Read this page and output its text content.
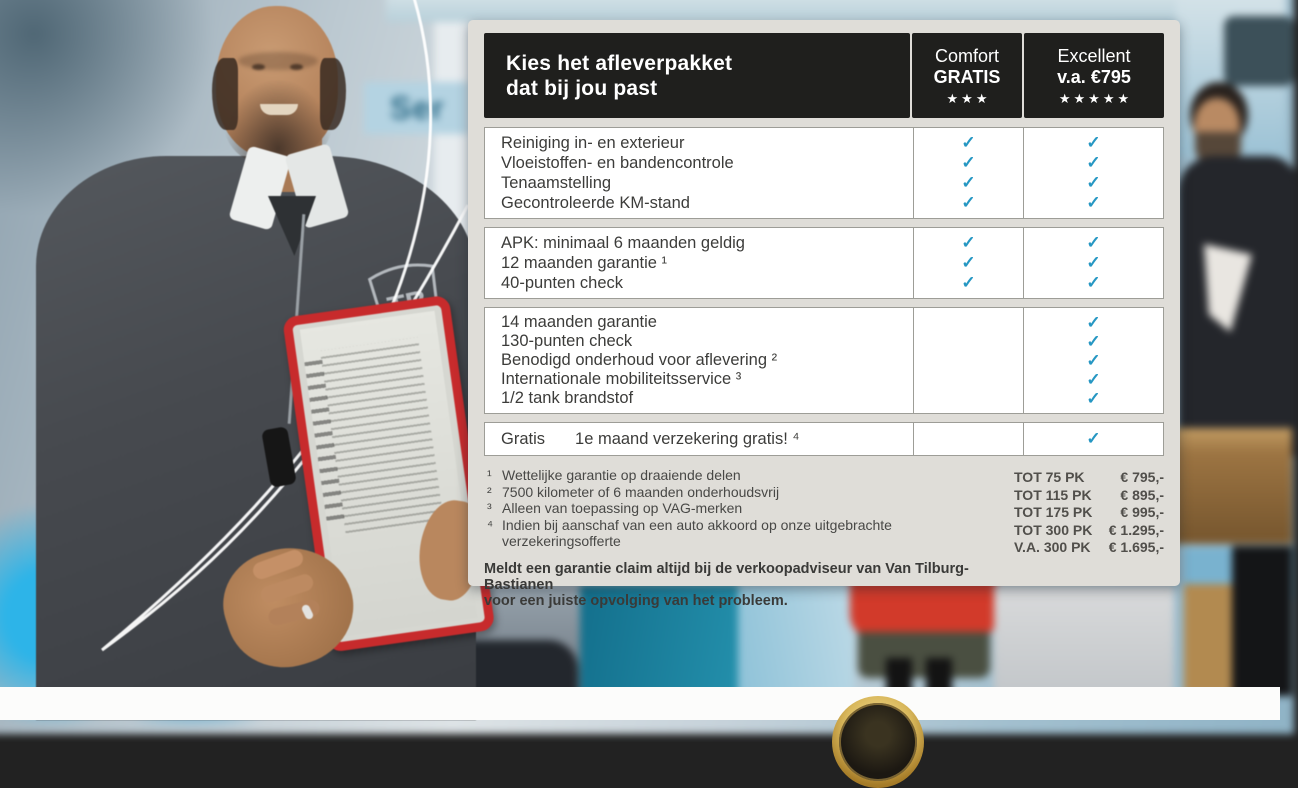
Ser
Kies het afleverpakket
dat bij jou past
Comfort
GRATIS
★★★
Excellent
v.a. €795
★★★★★
Reiniging in- en exterieur
Vloeistoffen- en bandencontrole
Tenaamstelling
Gecontroleerde KM-stand
✓
✓
✓
✓
✓
✓
✓
✓
APK: minimaal 6 maanden geldig
12 maanden garantie ¹
40-punten check
✓
✓
✓
✓
✓
✓
14 maanden garantie
130-punten check
Benodigd onderhoud voor aflevering ²
Internationale mobiliteitsservice ³
1/2 tank brandstof
✓
✓
✓
✓
✓
Gratis 1e maand verzekering gratis! ⁴	✓
¹ Wettelijke garantie op draaiende delen
² 7500 kilometer of 6 maanden onderhoudsvrij
³ Alleen van toepassing op VAG-merken
⁴ Indien bij aanschaf van een auto akkoord op onze uitgebrachte verzekeringsofferte
Meldt een garantie claim altijd bij de verkoopadviseur van Van Tilburg-Bastianen
voor een juiste opvolging van het probleem.
TOT 75 PK	€ 795,-
TOT 115 PK € 895,-
TOT 175 PK € 995,-
TOT 300 PK € 1.295,-
V.A. 300 PK € 1.695,-
